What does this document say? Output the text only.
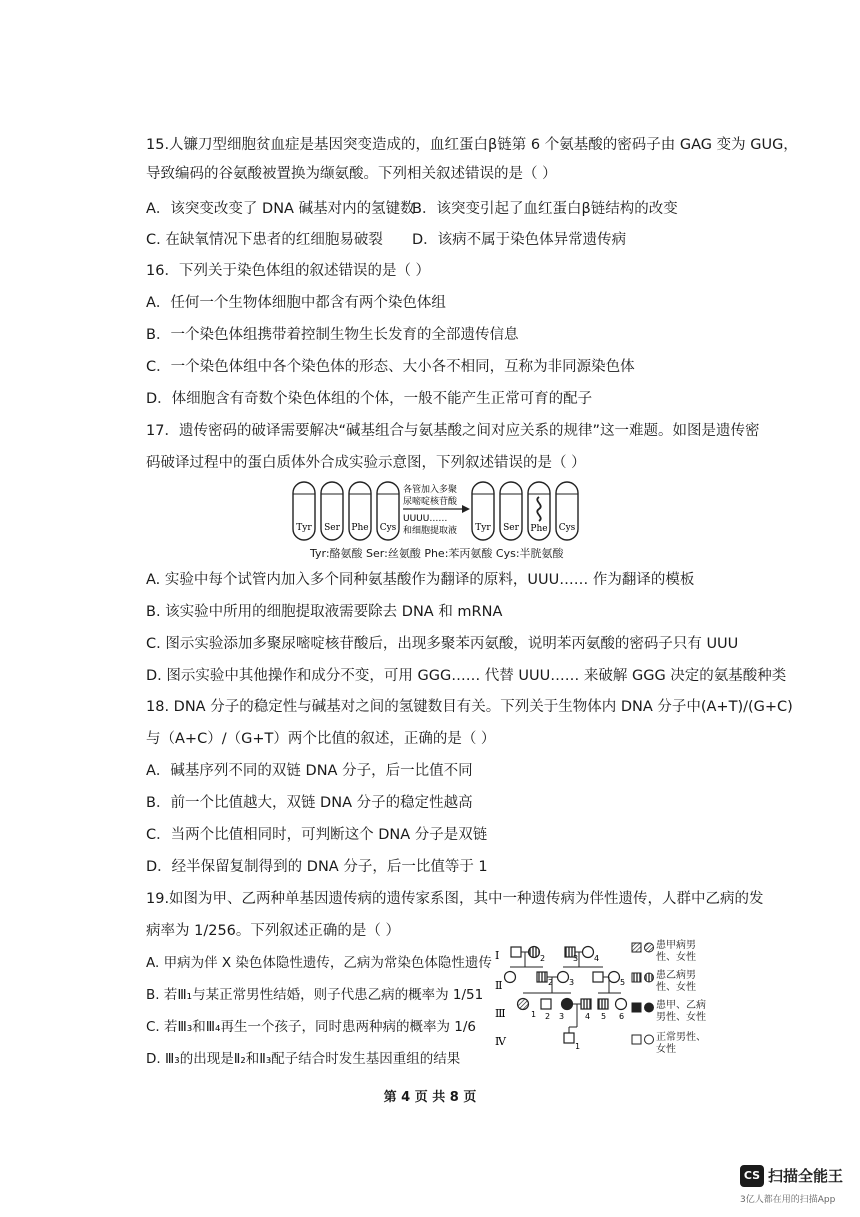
15.人镰刀型细胞贫血症是基因突变造成的，血红蛋白β链第 6 个氨基酸的密码子由 GAG 变为 GUG，
导致编码的谷氨酸被置换为缬氨酸。下列相关叙述错误的是（ ）
A．该突变改变了 DNA 碱基对内的氢键数
B．该突变引起了血红蛋白β链结构的改变
C. 在缺氧情况下患者的红细胞易破裂 D．该病不属于染色体异常遗传病
16．下列关于染色体组的叙述错误的是（ ）
A．任何一个生物体细胞中都含有两个染色体组
B．一个染色体组携带着控制生物生长发育的全部遗传信息
C．一个染色体组中各个染色体的形态、大小各不相同，互称为非同源染色体
D．体细胞含有奇数个染色体组的个体，一般不能产生正常可育的配子
17．遗传密码的破译需要解决“碱基组合与氨基酸之间对应关系的规律”这一难题。如图是遗传密
码破译过程中的蛋白质体外合成实验示意图，下列叙述错误的是（ ）
Tyr Ser Phe Cys
各管加入多聚
尿嘧啶核苷酸
UUUU……
和细胞提取液 Tyr Ser Phe Cys
Tyr:酪氨酸 Ser:丝氨酸 Phe:苯丙氨酸 Cys:半胱氨酸
A. 实验中每个试管内加入多个同种氨基酸作为翻译的原料，UUU…… 作为翻译的模板
B. 该实验中所用的细胞提取液需要除去 DNA 和 mRNA
C. 图示实验添加多聚尿嘧啶核苷酸后，出现多聚苯丙氨酸，说明苯丙氨酸的密码子只有 UUU
D. 图示实验中其他操作和成分不变，可用 GGG…… 代替 UUU…… 来破解 GGG 决定的氨基酸种类
18. DNA 分子的稳定性与碱基对之间的氢键数目有关。下列关于生物体内 DNA 分子中(A+T)/(G+C)
与（A+C）/（G+T）两个比值的叙述，正确的是（ ）
A．碱基序列不同的双链 DNA 分子，后一比值不同
B．前一个比值越大，双链 DNA 分子的稳定性越高
C．当两个比值相同时，可判断这个 DNA 分子是双链
D．经半保留复制得到的 DNA 分子，后一比值等于 1
19.如图为甲、乙两种单基因遗传病的遗传家系图，其中一种遗传病为伴性遗传，人群中乙病的发
病率为 1/256。下列叙述正确的是（ ）
A. 甲病为伴 X 染色体隐性遗传，乙病为常染色体隐性遗传
B. 若Ⅲ₁与某正常男性结婚，则子代患乙病的概率为 1/51
C. 若Ⅲ₃和Ⅲ₄再生一个孩子，同时患两种病的概率为 1/6
D. Ⅲ₃的出现是Ⅱ₂和Ⅱ₃配子结合时发生基因重组的结果
I
Ⅱ
Ⅲ
Ⅳ
2	3 4
2 3	5
1 2 3	4 5 6
1
患甲病男
性、女性
患乙病男
性、女性
患甲、乙病
男性、女性
正常男性、
女性
第 4 页 共 8 页
CS 扫描全能王
3亿人都在用的扫描App
